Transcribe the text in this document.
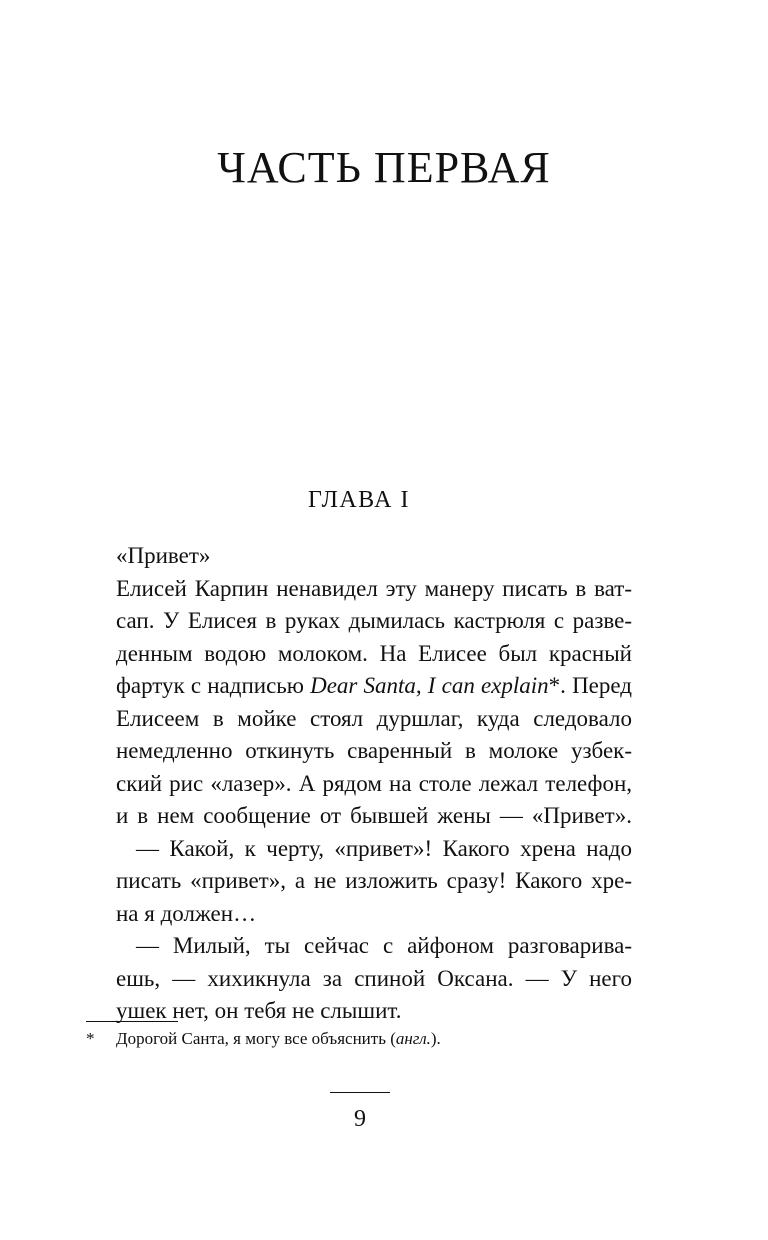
ЧАСТЬ ПЕРВАЯ
ГЛАВА I
«Привет»
Елисей Карпин ненавидел эту манеру писать в ват-
сап. У Елисея в руках дымилась кастрюля с разве-
денным водою молоком. На Елисее был красный
фартук с надписью Dear Santa, I can explain*. Перед
Елисеем в мойке стоял дуршлаг, куда следовало
немедленно откинуть сваренный в молоке узбек-
ский рис «лазер». А рядом на столе лежал телефон,
и в нем сообщение от бывшей жены — «Привет».
— Какой, к черту, «привет»! Какого хрена надо
писать «привет», а не изложить сразу! Какого хре-
на я должен…
— Милый, ты сейчас с айфоном разговарива-
ешь, — хихикнула за спиной Оксана. — У него
ушек нет, он тебя не слышит.
* Дорогой Санта, я могу все объяснить (англ.).
9
